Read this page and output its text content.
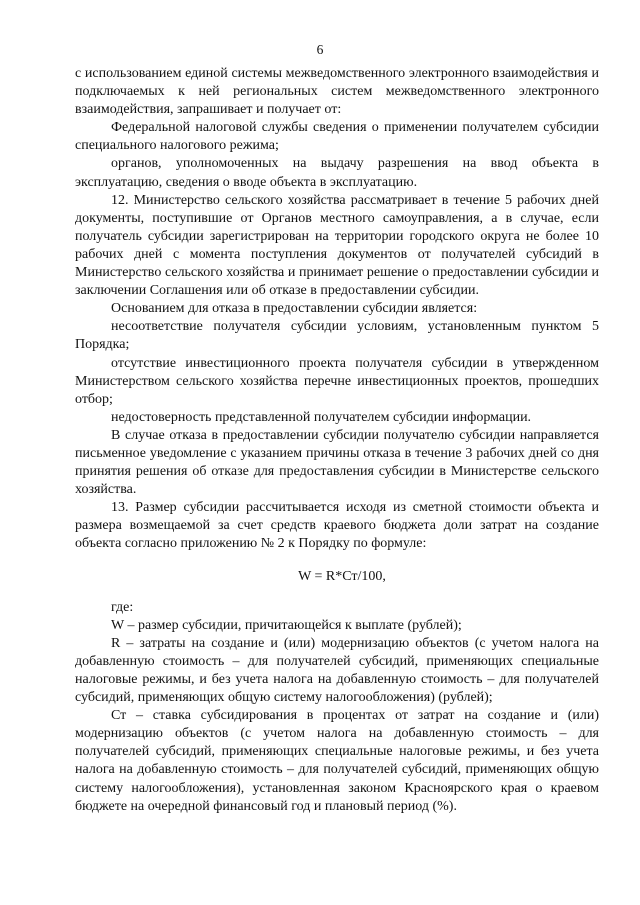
6

с использованием единой системы межведомственного электронного взаимодействия и подключаемых к ней региональных систем межведомственного электронного взаимодействия, запрашивает и получает от:

Федеральной налоговой службы сведения о применении получателем субсидии специального налогового режима;

органов, уполномоченных на выдачу разрешения на ввод объекта в эксплуатацию, сведения о вводе объекта в эксплуатацию.

12. Министерство сельского хозяйства рассматривает в течение 5 рабочих дней документы, поступившие от Органов местного самоуправления, а в случае, если получатель субсидии зарегистрирован на территории городского округа не более 10 рабочих дней с момента поступления документов от получателей субсидий в Министерство сельского хозяйства и принимает решение о предоставлении субсидии и заключении Соглашения или об отказе в предоставлении субсидии.

Основанием для отказа в предоставлении субсидии является:

несоответствие получателя субсидии условиям, установленным пунктом 5 Порядка;

отсутствие инвестиционного проекта получателя субсидии в утвержденном Министерством сельского хозяйства перечне инвестиционных проектов, прошедших отбор;

недостоверность представленной получателем субсидии информации.

В случае отказа в предоставлении субсидии получателю субсидии направляется письменное уведомление с указанием причины отказа в течение 3 рабочих дней со дня принятия решения об отказе для предоставления субсидии в Министерстве сельского хозяйства.

13. Размер субсидии рассчитывается исходя из сметной стоимости объекта и размера возмещаемой за счет средств краевого бюджета доли затрат на создание объекта согласно приложению № 2 к Порядку по формуле:

W = R*Ст/100,

где:

W – размер субсидии, причитающейся к выплате (рублей);

R – затраты на создание и (или) модернизацию объектов (с учетом налога на добавленную стоимость – для получателей субсидий, применяющих специальные налоговые режимы, и без учета налога на добавленную стоимость – для получателей субсидий, применяющих общую систему налогообложения) (рублей);

Ст – ставка субсидирования в процентах от затрат на создание и (или) модернизацию объектов (с учетом налога на добавленную стоимость – для получателей субсидий, применяющих специальные налоговые режимы, и без учета налога на добавленную стоимость – для получателей субсидий, применяющих общую систему налогообложения), установленная законом Красноярского края о краевом бюджете на очередной финансовый год и плановый период (%).
